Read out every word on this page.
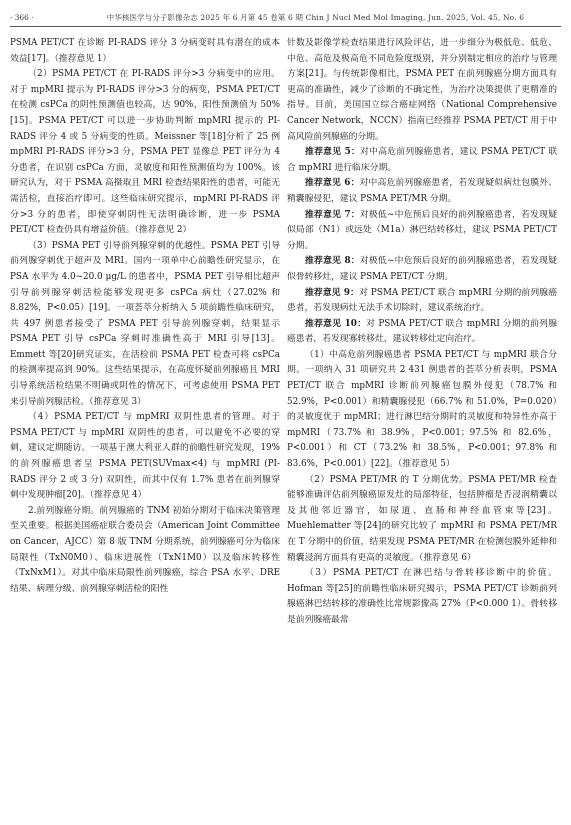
· 366 ·	中华核医学与分子影像杂志 2025 年 6 月第 45 卷第 6 期 Chin J Nucl Med Mol Imaging, Jun. 2025, Vol. 45, No. 6

PSMA PET/CT 在诊断 PI-RADS 评分 3 分病变时具有潜在的成本效益[17]。（推荐意见 1）

（2）PSMA PET/CT 在 PI-RADS 评分>3 分病变中的应用。对于 mpMRI 提示为 PI-RADS 评分>3 分的病变，PSMA PET/CT 在检测 csPCa 的阴性预测值也较高，达 90%，阳性预测值为 50%[15]。PSMA PET/CT 可以进一步协助判断 mpMRI 提示的 PI-RADS 评分 4 或 5 分病变的性质。Meissner 等[18]分析了 25 例 mpMRI PI-RADS 评分>3 分，PSMA PET 显像总 PET 评分为 4 分患者，在识别 csPCa 方面，灵敏度和阳性预测值均为 100%。该研究认为，对于 PSMA 高摄取且 MRI 检查结果阳性的患者，可能无需活检，直接治疗即可。这些临床研究提示，mpMRI PI-RADS 评分>3 分的患者，即使穿刺阴性无法明确诊断，进一步 PSMA PET/CT 检查仍具有增益价值。（推荐意见 2）

（3）PSMA PET 引导前列腺穿刺的优越性。PSMA PET 引导前列腺穿刺优于超声及 MRI。国内一项单中心前瞻性研究显示，在 PSA 水平为 4.0~20.0 μg/L 的患者中，PSMA PET 引导相比超声引导前列腺穿刺活检能够发现更多 csPCa 病灶（27.02% 和 8.82%，P<0.05）[19]。一项荟萃分析纳入 5 项前瞻性临床研究，共 497 例患者接受了 PSMA PET 引导前列腺穿刺，结果显示 PSMA PET 引导 csPCa 穿刺时准确性高于 MRI 引导[13]。Emmett 等[20]研究证实，在活检前 PSMA PET 检查可将 csPCa 的检测率提高到 90%。这些结果提示，在高度怀疑前列腺癌且 MRI 引导系统活检结果不明确或阴性的情况下，可考虑使用 PSMA PET 来引导前列腺活检。（推荐意见 3）

（4）PSMA PET/CT 与 mpMRI 双阴性患者的管理。对于 PSMA PET/CT 与 mpMRI 双阴性的患者，可以避免不必要的穿刺，建议定期随访。一项基于澳大利亚人群的前瞻性研究发现，19% 的前列腺癌患者呈 PSMA PET(SUVmax<4) 与 mpMRI (PI-RADS 评分 2 或 3 分) 双阴性，而其中仅有 1.7% 患者在前列腺穿刺中发现肿瘤[20]。（推荐意见 4）

2.前列腺癌分期。前列腺癌的 TNM 初始分期对于临床决策管理至关重要。根据美国癌症联合委员会（American Joint Committee on Cancer，AJCC）第 8 版 TNM 分期系统，前列腺癌可分为临床局限性（TxN0M0）、临床进展性（TxN1M0）以及临床转移性（TxNxM1）。对其中临床局限性前列腺癌，综合 PSA 水平、DRE 结果、病理分级、前列腺穿刺活检的阳性

针数及影像学检查结果进行风险评估，进一步细分为极低危、低危、中危、高危及极高危不同危险度级别，并分别制定相应的治疗与管理方案[21]。与传统影像相比，PSMA PET 在前列腺癌分期方面具有更高的准确性，减少了诊断的不确定性，为治疗决策提供了更精准的指导。目前，美国国立综合癌症网络（National Comprehensive Cancer Network，NCCN）指南已经推荐 PSMA PET/CT 用于中高风险前列腺癌的分期。

推荐意见 5：对中高危前列腺癌患者，建议 PSMA PET/CT 联合 mpMRI 进行临床分期。

推荐意见 6：对中高危前列腺癌患者，若发现疑似病灶包膜外、精囊腺侵犯，建议 PSMA PET/MR 分期。

推荐意见 7：对极低~中危预后良好的前列腺癌患者，若发现疑似局部（N1）或远处（M1a）淋巴结转移灶，建议 PSMA PET/CT 分期。

推荐意见 8：对极低~中危预后良好的前列腺癌患者，若发现疑似骨转移灶，建议 PSMA PET/CT 分期。

推荐意见 9：对 PSMA PET/CT 联合 mpMRI 分期的前列腺癌患者，若发现病灶无法手术切除时，建议系统治疗。

推荐意见 10：对 PSMA PET/CT 联合 mpMRI 分期的前列腺癌患者，若发现寡转移灶，建议转移灶定向治疗。

（1）中高危前列腺癌患者 PSMA PET/CT 与 mpMRI 联合分期。一项纳入 31 项研究共 2 431 例患者的荟萃分析表明，PSMA PET/CT 联合 mpMRI 诊断前列腺癌包膜外侵犯（78.7% 和 52.9%，P<0.001）和精囊腺侵犯（66.7% 和 51.0%，P=0.020）的灵敏度优于 mpMRI；进行淋巴结分期时的灵敏度和特异性亦高于 mpMRI（73.7% 和 38.9%，P<0.001；97.5% 和 82.6%，P<0.001）和 CT（73.2% 和 38.5%，P<0.001；97.8% 和 83.6%，P<0.001）[22]。（推荐意见 5）

（2）PSMA PET/MR 的 T 分期优势。PSMA PET/MR 检查能够准确评估前列腺癌原发灶的局部特征，包括肿瘤是否浸润精囊以及其他邻近器官，如尿道、直肠和神经血管束等[23]。Muehlematter 等[24]的研究比较了 mpMRI 和 PSMA PET/MR 在 T 分期中的价值，结果发现 PSMA PET/MR 在检测包膜外延伸和精囊浸润方面具有更高的灵敏度。（推荐意见 6）

（3）PSMA PET/CT 在淋巴结与骨转移诊断中的价值。Hofman 等[25]的前瞻性临床研究揭示，PSMA PET/CT 诊断前列腺癌淋巴结转移的准确性比常规影像高 27%（P<0.000 1）。骨转移是前列腺癌最常
